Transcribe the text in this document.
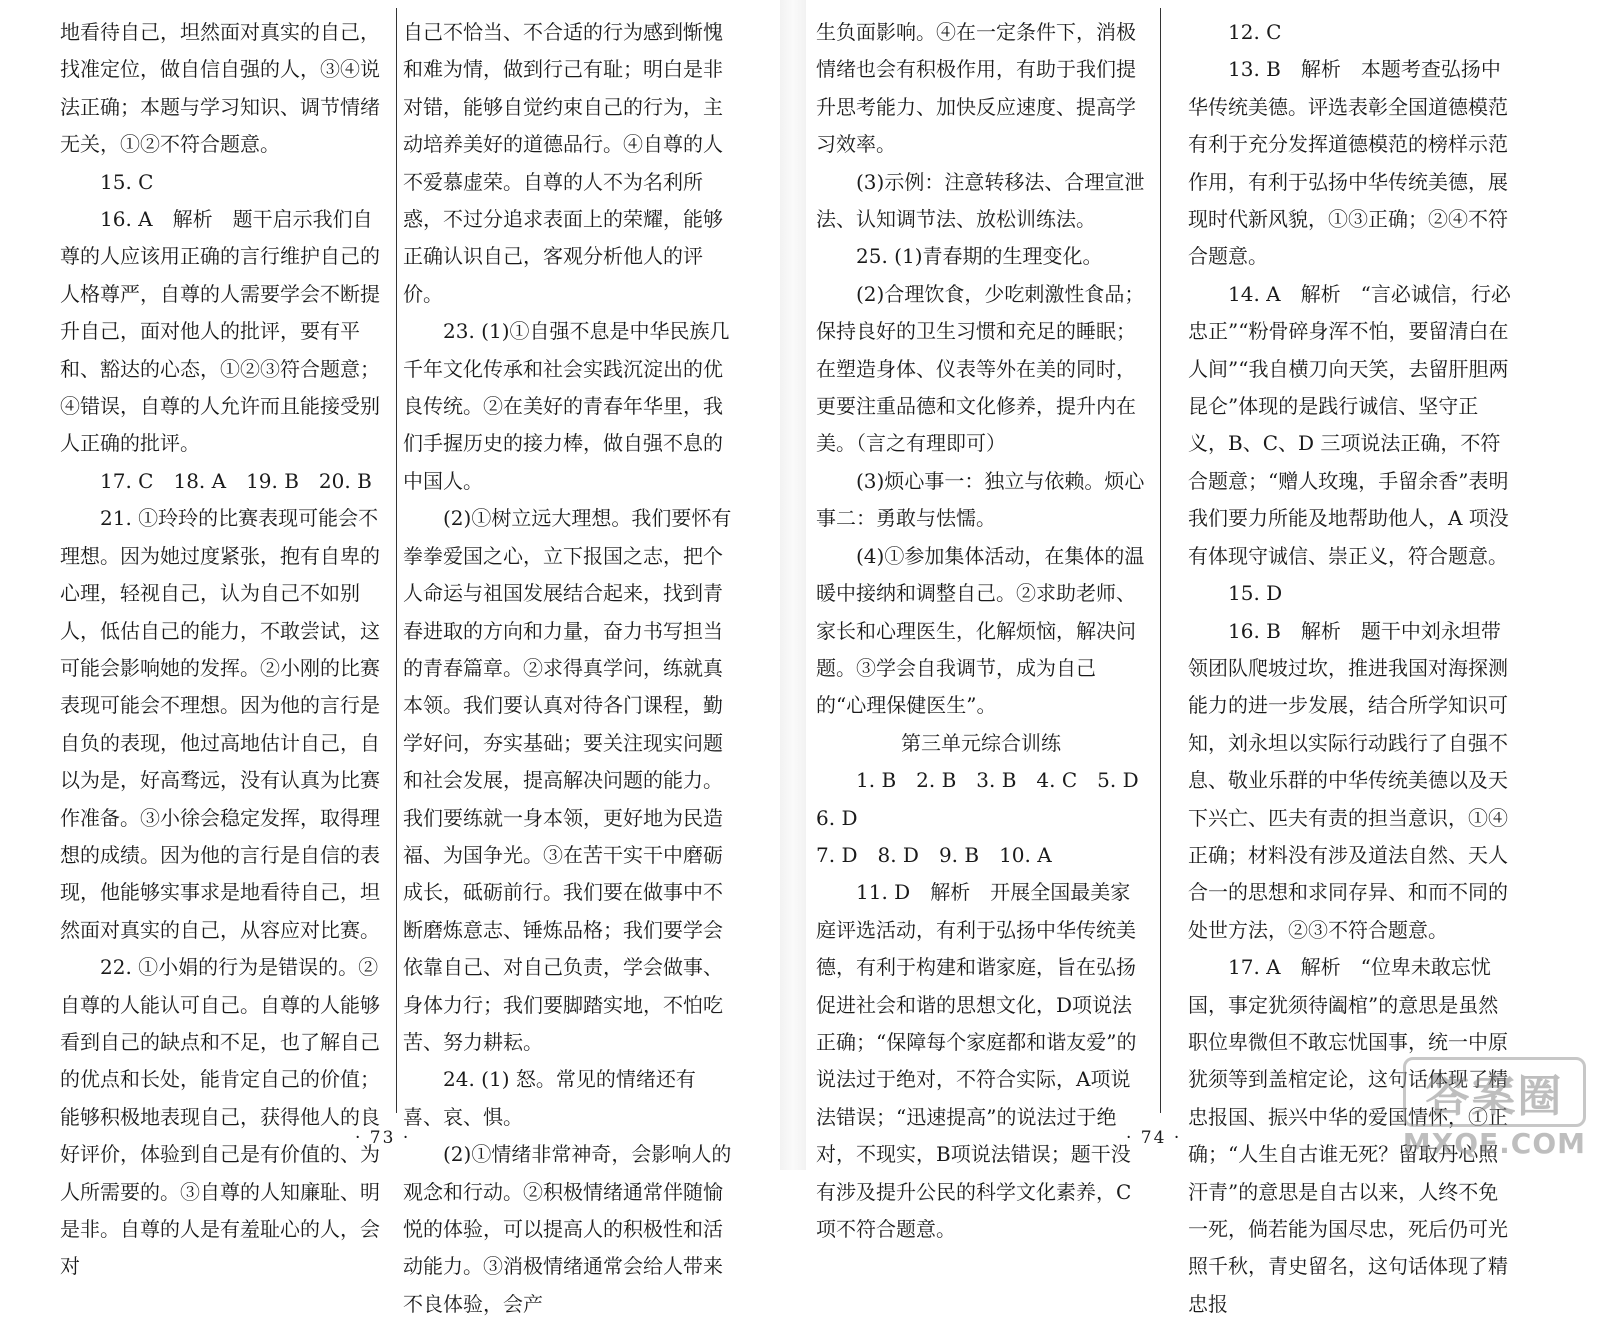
地看待自己，坦然面对真实的自己，找准定位，做自信自强的人，③④说法正确；本题与学习知识、调节情绪无关，①②不符合题意。

15. C

16. A　解析　题干启示我们自尊的人应该用正确的言行维护自己的人格尊严，自尊的人需要学会不断提升自己，面对他人的批评，要有平和、豁达的心态，①②③符合题意；④错误，自尊的人允许而且能接受别人正确的批评。

17. C　18. A　19. B　20. B

21. ①玲玲的比赛表现可能会不理想。因为她过度紧张，抱有自卑的心理，轻视自己，认为自己不如别人，低估自己的能力，不敢尝试，这可能会影响她的发挥。②小刚的比赛表现可能会不理想。因为他的言行是自负的表现，他过高地估计自己，自以为是，好高骛远，没有认真为比赛作准备。③小徐会稳定发挥，取得理想的成绩。因为他的言行是自信的表现，他能够实事求是地看待自己，坦然面对真实的自己，从容应对比赛。

22. ①小娟的行为是错误的。②自尊的人能认可自己。自尊的人能够看到自己的缺点和不足，也了解自己的优点和长处，能肯定自己的价值；能够积极地表现自己，获得他人的良好评价，体验到自己是有价值的、为人所需要的。③自尊的人知廉耻、明是非。自尊的人是有羞耻心的人，会对

自己不恰当、不合适的行为感到惭愧和难为情，做到行己有耻；明白是非对错，能够自觉约束自己的行为，主动培养美好的道德品行。④自尊的人不爱慕虚荣。自尊的人不为名利所惑，不过分追求表面上的荣耀，能够正确认识自己，客观分析他人的评价。

23. (1)①自强不息是中华民族几千年文化传承和社会实践沉淀出的优良传统。②在美好的青春年华里，我们手握历史的接力棒，做自强不息的中国人。

(2)①树立远大理想。我们要怀有拳拳爱国之心，立下报国之志，把个人命运与祖国发展结合起来，找到青春进取的方向和力量，奋力书写担当的青春篇章。②求得真学问，练就真本领。我们要认真对待各门课程，勤学好问，夯实基础；要关注现实问题和社会发展，提高解决问题的能力。我们要练就一身本领，更好地为民造福、为国争光。③在苦干实干中磨砺成长，砥砺前行。我们要在做事中不断磨炼意志、锤炼品格；我们要学会依靠自己、对自己负责，学会做事、身体力行；我们要脚踏实地，不怕吃苦、努力耕耘。

24. (1) 怒。常见的情绪还有喜、哀、惧。

(2)①情绪非常神奇，会影响人的观念和行动。②积极情绪通常伴随愉悦的体验，可以提高人的积极性和活动能力。③消极情绪通常会给人带来不良体验，会产

· 73 ·

生负面影响。④在一定条件下，消极情绪也会有积极作用，有助于我们提升思考能力、加快反应速度、提高学习效率。

(3)示例：注意转移法、合理宣泄法、认知调节法、放松训练法。

25. (1)青春期的生理变化。

(2)合理饮食，少吃刺激性食品；保持良好的卫生习惯和充足的睡眠；在塑造身体、仪表等外在美的同时，更要注重品德和文化修养，提升内在美。（言之有理即可）

(3)烦心事一：独立与依赖。烦心事二：勇敢与怯懦。

(4)①参加集体活动，在集体的温暖中接纳和调整自己。②求助老师、家长和心理医生，化解烦恼，解决问题。③学会自我调节，成为自己的“心理保健医生”。

第三单元综合训练

1. B　2. B　3. B　4. C　5. D　6. D

7. D　8. D　9. B　10. A

11. D　解析　开展全国最美家庭评选活动，有利于弘扬中华传统美德，有利于构建和谐家庭，旨在弘扬促进社会和谐的思想文化，D项说法正确；“保障每个家庭都和谐友爱”的说法过于绝对，不符合实际，A项说法错误；“迅速提高”的说法过于绝对，不现实，B项说法错误；题干没有涉及提升公民的科学文化素养，C项不符合题意。

12. C

13. B　解析　本题考查弘扬中华传统美德。评选表彰全国道德模范有利于充分发挥道德模范的榜样示范作用，有利于弘扬中华传统美德，展现时代新风貌，①③正确；②④不符合题意。

14. A　解析　“言必诚信，行必忠正”“粉骨碎身浑不怕，要留清白在人间”“我自横刀向天笑，去留肝胆两昆仑”体现的是践行诚信、坚守正义，B、C、D 三项说法正确，不符合题意；“赠人玫瑰，手留余香”表明我们要力所能及地帮助他人，A 项没有体现守诚信、崇正义，符合题意。

15. D

16. B　解析　题干中刘永坦带领团队爬坡过坎，推进我国对海探测能力的进一步发展，结合所学知识可知，刘永坦以实际行动践行了自强不息、敬业乐群的中华传统美德以及天下兴亡、匹夫有责的担当意识，①④正确；材料没有涉及道法自然、天人合一的思想和求同存异、和而不同的处世方法，②③不符合题意。

17. A　解析　“位卑未敢忘忧国，事定犹须待阖棺”的意思是虽然职位卑微但不敢忘忧国事，统一中原犹须等到盖棺定论，这句话体现了精忠报国、振兴中华的爱国情怀，①正确；“人生自古谁无死？留取丹心照汗青”的意思是自古以来，人终不免一死，倘若能为国尽忠，死后仍可光照千秋，青史留名，这句话体现了精忠报

· 74 ·
答案圈
MXQE.COM
